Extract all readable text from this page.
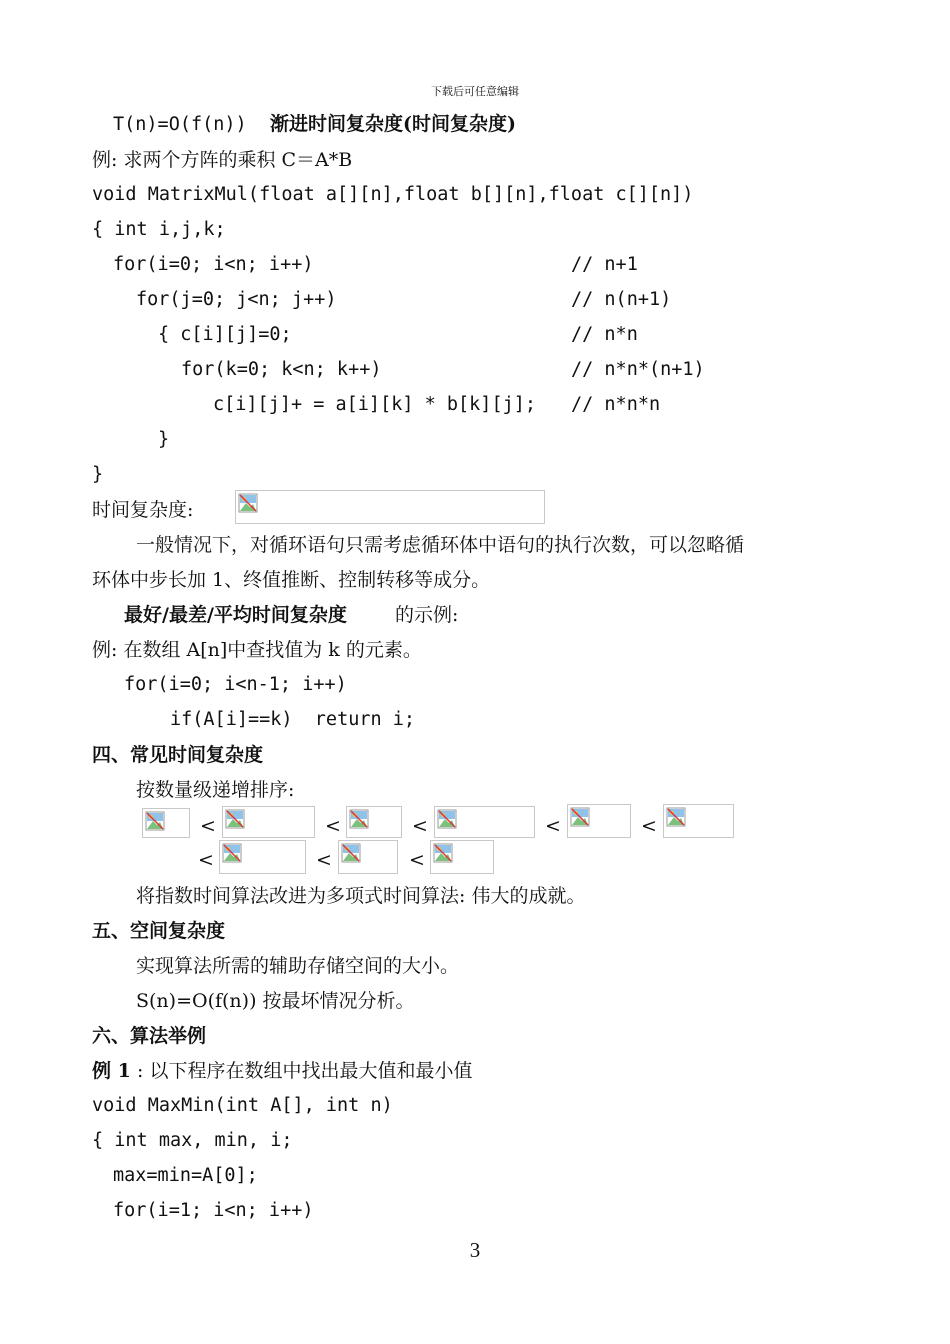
下载后可任意编辑
T(n)=O(f(n)) 渐进时间复杂度(时间复杂度)
例: 求两个方阵的乘积 C＝A*B
void MatrixMul(float a[][n],float b[][n],float c[][n])
{ int i,j,k;
for(i=0; i<n; i++)	// n+1
for(j=0; j<n; j++)	// n(n+1)
{ c[i][j]=0;	// n*n
for(k=0; k<n; k++)	// n*n*(n+1)
c[i][j]+ = a[i][k] * b[k][j]; // n*n*n
}
}
时间复杂度:
一般情况下，对循环语句只需考虑循环体中语句的执行次数，可以忽略循
环体中步长加 1、终值推断、控制转移等成分。
最好/最差/平均时间复杂度	的示例:
例: 在数组 A[n]中查找值为 k 的元素。
for(i=0; i<n-1; i++)
if(A[i]==k)  return i;
四、常见时间复杂度
按数量级递增排序:
<	<	<	<	<
<	<	<
将指数时间算法改进为多项式时间算法: 伟大的成就。
五、空间复杂度
实现算法所需的辅助存储空间的大小。
S(n)=O(f(n)) 按最坏情况分析。
六、算法举例
例 1 : 以下程序在数组中找出最大值和最小值
void MaxMin(int A[], int n)
{ int max, min, i;
max=min=A[0];
for(i=1; i<n; i++)
3
